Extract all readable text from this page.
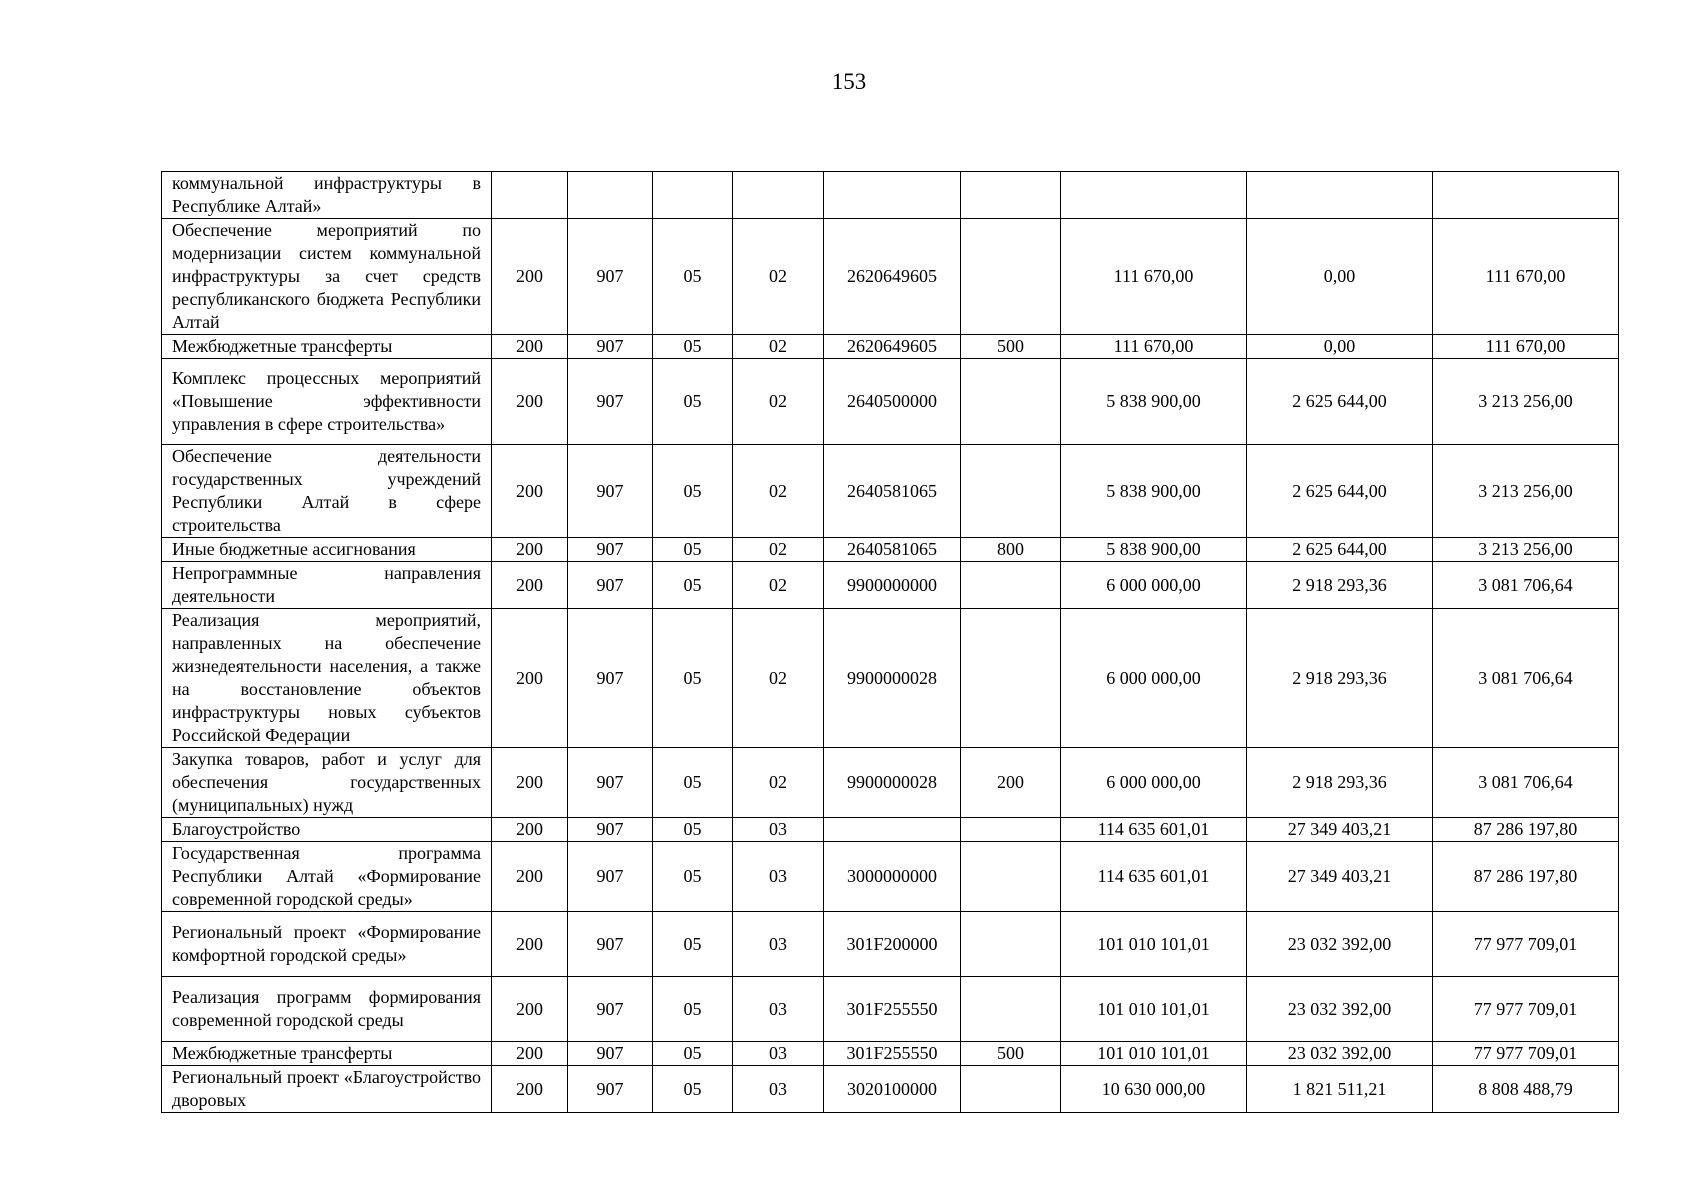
153
коммунальной инфраструктуры в Республике Алтай»									
Обеспечение мероприятий по модернизации систем коммунальной инфраструктуры за счет средств республиканского бюджета Республики Алтай	200	907	05	02	2620649605		111 670,00	0,00	111 670,00
Межбюджетные трансферты	200	907	05	02	2620649605	500	111 670,00	0,00	111 670,00
Комплекс процессных мероприятий «Повышение эффективности управления в сфере строительства»	200	907	05	02	2640500000		5 838 900,00	2 625 644,00	3 213 256,00
Обеспечение деятельности государственных учреждений Республики Алтай в сфере строительства	200	907	05	02	2640581065		5 838 900,00	2 625 644,00	3 213 256,00
Иные бюджетные ассигнования	200	907	05	02	2640581065	800	5 838 900,00	2 625 644,00	3 213 256,00
Непрограммные направления деятельности	200	907	05	02	9900000000		6 000 000,00	2 918 293,36	3 081 706,64
Реализация мероприятий, направленных на обеспечение жизнедеятельности населения, а также на восстановление объектов инфраструктуры новых субъектов Российской Федерации	200	907	05	02	9900000028		6 000 000,00	2 918 293,36	3 081 706,64
Закупка товаров, работ и услуг для обеспечения государственных (муниципальных) нужд	200	907	05	02	9900000028	200	6 000 000,00	2 918 293,36	3 081 706,64
Благоустройство	200	907	05	03			114 635 601,01	27 349 403,21	87 286 197,80
Государственная программа Республики Алтай «Формирование современной городской среды»	200	907	05	03	3000000000		114 635 601,01	27 349 403,21	87 286 197,80
Региональный проект «Формирование комфортной городской среды»	200	907	05	03	301F200000		101 010 101,01	23 032 392,00	77 977 709,01
Реализация программ формирования современной городской среды	200	907	05	03	301F255550		101 010 101,01	23 032 392,00	77 977 709,01
Межбюджетные трансферты	200	907	05	03	301F255550	500	101 010 101,01	23 032 392,00	77 977 709,01
Региональный проект «Благоустройство дворовых	200	907	05	03	3020100000		10 630 000,00	1 821 511,21	8 808 488,79
